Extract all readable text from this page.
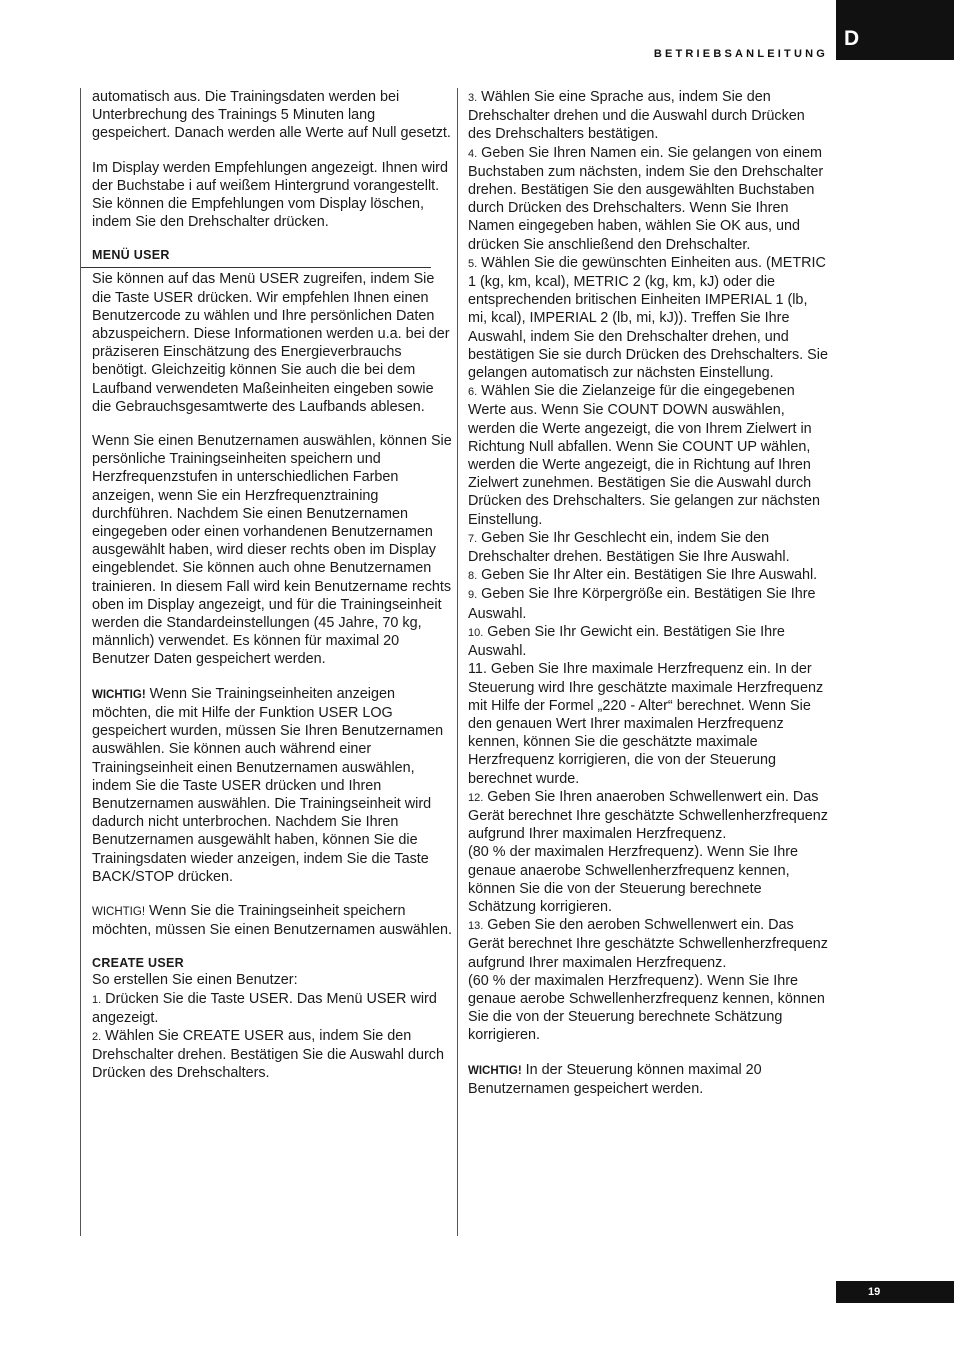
BETRIEBSANLEITUNG
D

automatisch aus. Die Trainingsdaten werden bei Unterbrechung des Trainings 5 Minuten lang gespeichert. Danach werden alle Werte auf Null gesetzt.

Im Display werden Empfehlungen angezeigt. Ihnen wird der Buchstabe i auf weißem Hintergrund vorangestellt. Sie können die Empfehlungen vom Display löschen, indem Sie den Drehschalter drücken.

MENÜ USER

Sie können auf das Menü USER zugreifen, indem Sie die Taste USER drücken. Wir empfehlen Ihnen einen Benutzercode zu wählen und Ihre persönlichen Daten abzuspeichern. Diese Informationen werden u.a. bei der präziseren Einschätzung des Energieverbrauchs benötigt. Gleichzeitig können Sie auch die bei dem Laufband verwendeten Maßeinheiten eingeben sowie die Gebrauchsgesamtwerte des Laufbands ablesen.

Wenn Sie einen Benutzernamen auswählen, können Sie persönliche Trainingseinheiten speichern und Herzfrequenzstufen in unterschiedlichen Farben anzeigen, wenn Sie ein Herzfrequenztraining durchführen. Nachdem Sie einen Benutzernamen eingegeben oder einen vorhandenen Benutzernamen ausgewählt haben, wird dieser rechts oben im Display eingeblendet. Sie können auch ohne Benutzernamen trainieren. In diesem Fall wird kein Benutzername rechts oben im Display angezeigt, und für die Trainingseinheit werden die Standardeinstellungen (45 Jahre, 70 kg, männlich) verwendet. Es können für maximal 20 Benutzer Daten gespeichert werden.

WICHTIG! Wenn Sie Trainingseinheiten anzeigen möchten, die mit Hilfe der Funktion USER LOG gespeichert wurden, müssen Sie Ihren Benutzernamen auswählen. Sie können auch während einer Trainingseinheit einen Benutzernamen auswählen, indem Sie die Taste USER drücken und Ihren Benutzernamen auswählen. Die Trainingseinheit wird dadurch nicht unterbrochen. Nachdem Sie Ihren Benutzernamen ausgewählt haben, können Sie die Trainingsdaten wieder anzeigen, indem Sie die Taste BACK/STOP drücken.

WICHTIG! Wenn Sie die Trainingseinheit speichern möchten, müssen Sie einen Benutzernamen auswählen.

CREATE USER

So erstellen Sie einen Benutzer:

1. Drücken Sie die Taste USER. Das Menü USER wird angezeigt.

2. Wählen Sie CREATE USER aus, indem Sie den Drehschalter drehen. Bestätigen Sie die Auswahl durch Drücken des Drehschalters.

3. Wählen Sie eine Sprache aus, indem Sie den Drehschalter drehen und die Auswahl durch Drücken des Drehschalters bestätigen.

4. Geben Sie Ihren Namen ein. Sie gelangen von einem Buchstaben zum nächsten, indem Sie den Drehschalter drehen. Bestätigen Sie den ausgewählten Buchstaben durch Drücken des Drehschalters. Wenn Sie Ihren Namen eingegeben haben, wählen Sie OK aus, und drücken Sie anschließend den Drehschalter.

5. Wählen Sie die gewünschten Einheiten aus. (METRIC 1 (kg, km, kcal), METRIC 2 (kg, km, kJ) oder die entsprechenden britischen Einheiten IMPERIAL 1 (lb, mi, kcal), IMPERIAL 2 (lb, mi, kJ)). Treffen Sie Ihre Auswahl, indem Sie den Drehschalter drehen, und bestätigen Sie sie durch Drücken des Drehschalters. Sie gelangen automatisch zur nächsten Einstellung.

6. Wählen Sie die Zielanzeige für die eingegebenen Werte aus. Wenn Sie COUNT DOWN auswählen, werden die Werte angezeigt, die von Ihrem Zielwert in Richtung Null abfallen. Wenn Sie COUNT UP wählen, werden die Werte angezeigt, die in Richtung auf Ihren Zielwert zunehmen. Bestätigen Sie die Auswahl durch Drücken des Drehschalters. Sie gelangen zur nächsten Einstellung.

7. Geben Sie Ihr Geschlecht ein, indem Sie den Drehschalter drehen. Bestätigen Sie Ihre Auswahl.

8. Geben Sie Ihr Alter ein. Bestätigen Sie Ihre Auswahl.

9. Geben Sie Ihre Körpergröße ein. Bestätigen Sie Ihre Auswahl.

10. Geben Sie Ihr Gewicht ein. Bestätigen Sie Ihre Auswahl.

11. Geben Sie Ihre maximale Herzfrequenz ein. In der Steuerung wird Ihre geschätzte maximale Herzfrequenz mit Hilfe der Formel „220 - Alter“ berechnet. Wenn Sie den genauen Wert Ihrer maximalen Herzfrequenz kennen, können Sie die geschätzte maximale Herzfrequenz korrigieren, die von der Steuerung berechnet wurde.

12. Geben Sie Ihren anaeroben Schwellenwert ein. Das Gerät berechnet Ihre geschätzte Schwellenherzfrequenz aufgrund Ihrer maximalen Herzfrequenz.

(80 % der maximalen Herzfrequenz). Wenn Sie Ihre genaue anaerobe Schwellenherzfrequenz kennen, können Sie die von der Steuerung berechnete Schätzung korrigieren.

13. Geben Sie den aeroben Schwellenwert ein. Das Gerät berechnet Ihre geschätzte Schwellenherzfrequenz aufgrund Ihrer maximalen Herzfrequenz.

(60 % der maximalen Herzfrequenz). Wenn Sie Ihre genaue aerobe Schwellenherzfrequenz kennen, können Sie die von der Steuerung berechnete Schätzung korrigieren.

WICHTIG! In der Steuerung können maximal 20 Benutzernamen gespeichert werden.

19
